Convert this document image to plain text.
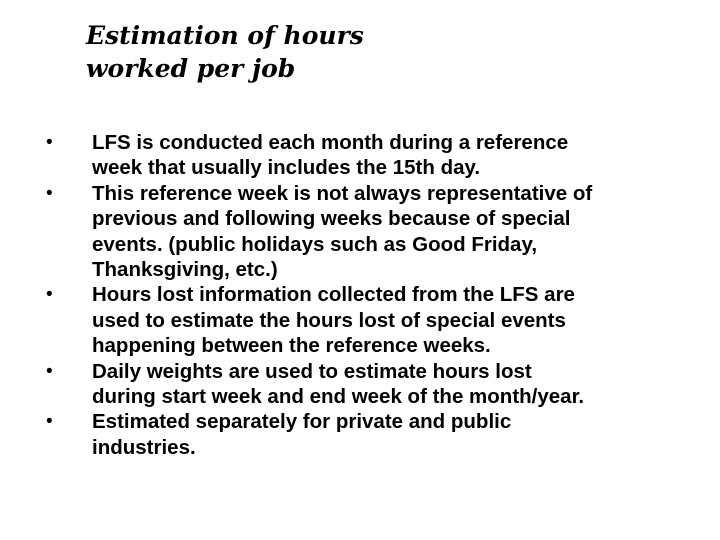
Estimation of hours
worked per job
• LFS is conducted each month during a reference
week that usually includes the 15th day.
• This reference week is not always representative of
previous and following weeks because of special
events. (public holidays such as Good Friday,
Thanksgiving, etc.)
• Hours lost information collected from the LFS are
used to estimate the hours lost of special events
happening between the reference weeks.
• Daily weights are used to estimate hours lost
during start week and end week of the month/year.
• Estimated separately for private and public
industries.
